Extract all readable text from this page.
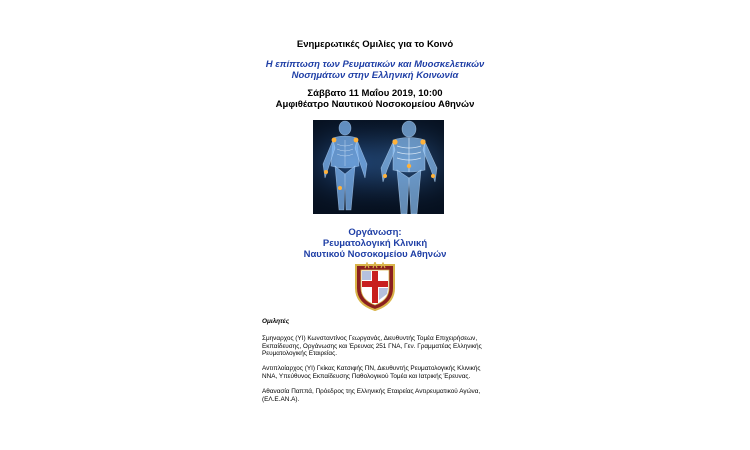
Ενημερωτικές Ομιλίες για το Κοινό
Η επίπτωση των Ρευματικών και Μυοσκελετικών
Νοσημάτων στην Ελληνική Κοινωνία
Σάββατο 11 Μαΐου 2019, 10:00
Αμφιθέατρο Ναυτικού Νοσοκομείου Αθηνών
Οργάνωση:
Ρευματολογική Κλινική
Ναυτικού Νοσοκομείου Αθηνών
Ομιλητές

Σμηναρχος (ΥΙ) Κωνσταντίνος Γεωργανάς, Διευθυντής Τομέα Επιχειρήσεων, Εκπαίδευσης, Οργάνωσης και Έρευνας 251 ΓΝΑ, Γεν. Γραμματέας Ελληνικής Ρευματολογικής Εταιρείας.

Αντιπλοίαρχος (ΥΙ) Γκίκας Κατσιφής ΠΝ, Διευθυντής Ρευματολογικής Κλινικής ΝΝΑ, Υπεύθυνος Εκπαίδευσης Παθολογικού Τομέα και Ιατρικής Έρευνας.

Αθανασία Παππά, Πρόεδρος της Ελληνικής Εταιρείας Αντιρευματικού Αγώνα, (ΕΛ.Ε.ΑΝ.Α).
